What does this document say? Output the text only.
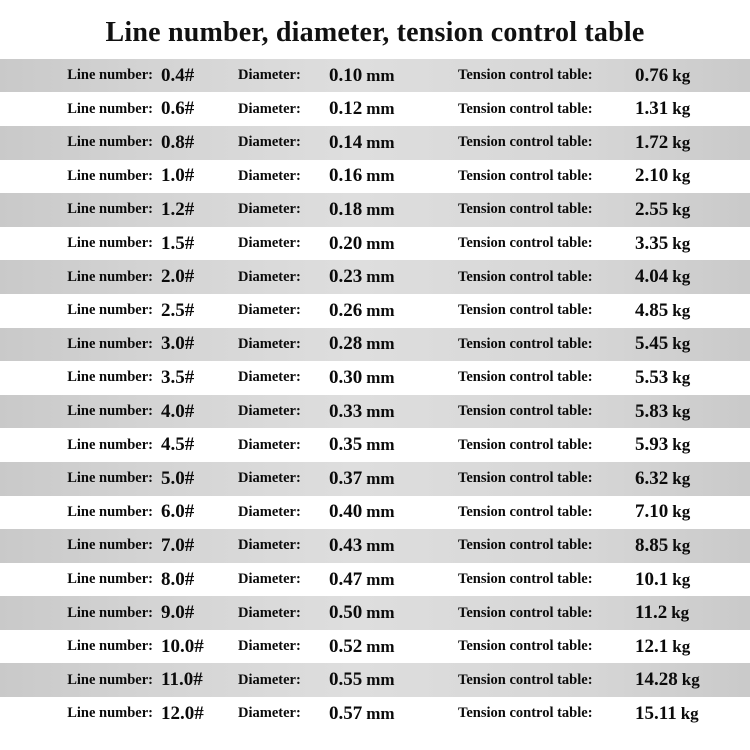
Line number, diameter, tension control table
Line number:	0.4#	Diameter:	0.10 mm	Tension control table:	0.76 kg
Line number:	0.6#	Diameter:	0.12 mm	Tension control table:	1.31 kg
Line number:	0.8#	Diameter:	0.14 mm	Tension control table:	1.72 kg
Line number:	1.0#	Diameter:	0.16 mm	Tension control table:	2.10 kg
Line number:	1.2#	Diameter:	0.18 mm	Tension control table:	2.55 kg
Line number:	1.5#	Diameter:	0.20 mm	Tension control table:	3.35 kg
Line number:	2.0#	Diameter:	0.23 mm	Tension control table:	4.04 kg
Line number:	2.5#	Diameter:	0.26 mm	Tension control table:	4.85 kg
Line number:	3.0#	Diameter:	0.28 mm	Tension control table:	5.45 kg
Line number:	3.5#	Diameter:	0.30 mm	Tension control table:	5.53 kg
Line number:	4.0#	Diameter:	0.33 mm	Tension control table:	5.83 kg
Line number:	4.5#	Diameter:	0.35 mm	Tension control table:	5.93 kg
Line number:	5.0#	Diameter:	0.37 mm	Tension control table:	6.32 kg
Line number:	6.0#	Diameter:	0.40 mm	Tension control table:	7.10 kg
Line number:	7.0#	Diameter:	0.43 mm	Tension control table:	8.85 kg
Line number:	8.0#	Diameter:	0.47 mm	Tension control table:	10.1 kg
Line number:	9.0#	Diameter:	0.50 mm	Tension control table:	11.2 kg
Line number:	10.0#	Diameter:	0.52 mm	Tension control table:	12.1 kg
Line number:	11.0#	Diameter:	0.55 mm	Tension control table:	14.28 kg
Line number:	12.0#	Diameter:	0.57 mm	Tension control table:	15.11 kg
